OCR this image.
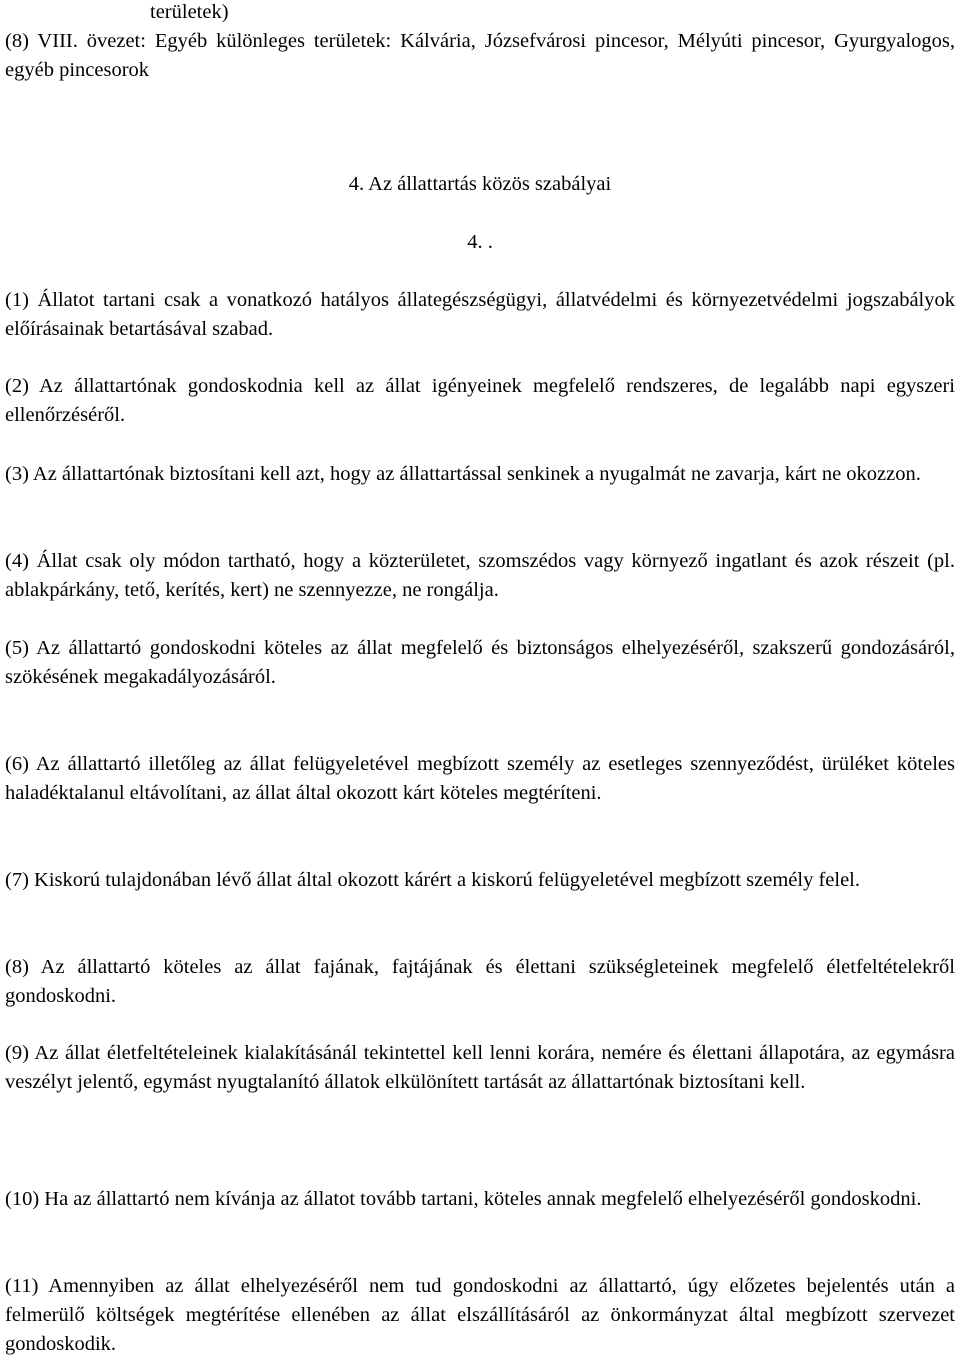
területek)

(8) VIII. övezet: Egyéb különleges területek: Kálvária, Józsefvárosi pincesor, Mélyúti pincesor, Gyurgyalogos, egyéb pincesorok

4. Az állattartás közös szabályai

4. .

(1) Állatot tartani csak a vonatkozó hatályos állategészségügyi, állatvédelmi és környezetvédelmi jogszabályok előírásainak betartásával szabad.

(2) Az állattartónak gondoskodnia kell az állat igényeinek megfelelő rendszeres, de legalább napi egyszeri ellenőrzéséről.

(3) Az állattartónak biztosítani kell azt, hogy az állattartással senkinek a nyugalmát ne zavarja, kárt ne okozzon.

(4) Állat csak oly módon tartható, hogy a közterületet, szomszédos vagy környező ingatlant és azok részeit (pl. ablakpárkány, tető, kerítés, kert) ne szennyezze, ne rongálja.

(5) Az állattartó gondoskodni köteles az állat megfelelő és biztonságos elhelyezéséről, szakszerű gondozásáról, szökésének megakadályozásáról.

(6) Az állattartó illetőleg az állat felügyeletével megbízott személy az esetleges szennyeződést, ürüléket köteles haladéktalanul eltávolítani, az állat által okozott kárt köteles megtéríteni.

(7) Kiskorú tulajdonában lévő állat által okozott kárért a kiskorú felügyeletével megbízott személy felel.

(8) Az állattartó köteles az állat fajának, fajtájának és élettani szükségleteinek megfelelő életfeltételekről gondoskodni.

(9) Az állat életfeltételeinek kialakításánál tekintettel kell lenni korára, nemére és élettani állapotára, az egymásra veszélyt jelentő, egymást nyugtalanító állatok elkülönített tartását az állattartónak biztosítani kell.

(10) Ha az állattartó nem kívánja az állatot tovább tartani, köteles annak megfelelő elhelyezéséről gondoskodni.

(11) Amennyiben az állat elhelyezéséről nem tud gondoskodni az állattartó, úgy előzetes bejelentés után a felmerülő költségek megtérítése ellenében az állat elszállításáról az önkormányzat által megbízott szervezet gondoskodik.
